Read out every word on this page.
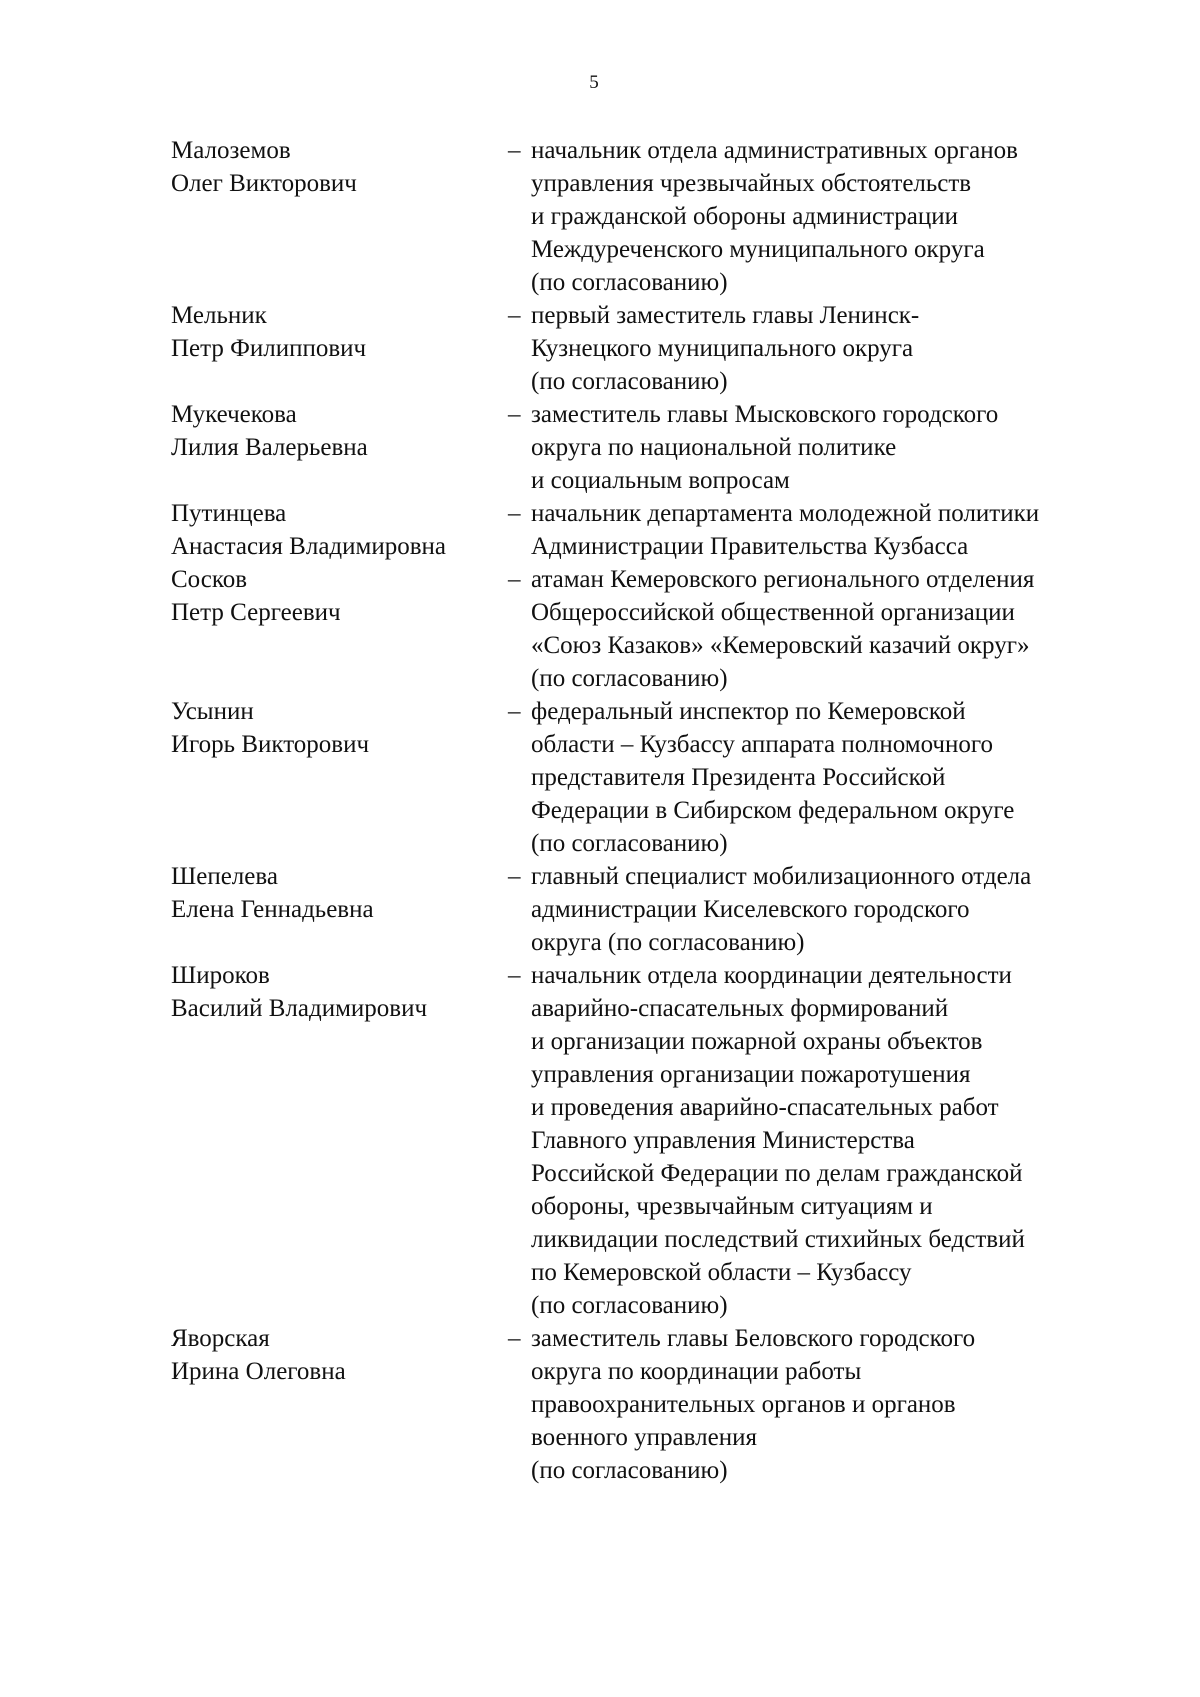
5
Малоземов
Олег Викторович
– начальник отдела административных органов
управления чрезвычайных обстоятельств
и гражданской обороны администрации
Междуреченского муниципального округа
(по согласованию)
Мельник
Петр Филиппович
– первый заместитель главы Ленинск-
Кузнецкого муниципального округа
(по согласованию)
Мукечекова
Лилия Валерьевна
– заместитель главы Мысковского городского
округа по национальной политике
и социальным вопросам
Путинцева
Анастасия Владимировна
– начальник департамента молодежной политики
Администрации Правительства Кузбасса
Сосков
Петр Сергеевич
– атаман Кемеровского регионального отделения
Общероссийской общественной организации
«Союз Казаков» «Кемеровский казачий округ»
(по согласованию)
Усынин
Игорь Викторович
– федеральный инспектор по Кемеровской
области – Кузбассу аппарата полномочного
представителя Президента Российской
Федерации в Сибирском федеральном округе
(по согласованию)
Шепелева
Елена Геннадьевна
– главный специалист мобилизационного отдела
администрации Киселевского городского
округа (по согласованию)
Широков
Василий Владимирович
– начальник отдела координации деятельности
аварийно-спасательных формирований
и организации пожарной охраны объектов
управления организации пожаротушения
и проведения аварийно-спасательных работ
Главного управления Министерства
Российской Федерации по делам гражданской
обороны, чрезвычайным ситуациям и
ликвидации последствий стихийных бедствий
по Кемеровской области – Кузбассу
(по согласованию)
Яворская
Ирина Олеговна
– заместитель главы Беловского городского
округа по координации работы
правоохранительных органов и органов
военного управления
(по согласованию)
